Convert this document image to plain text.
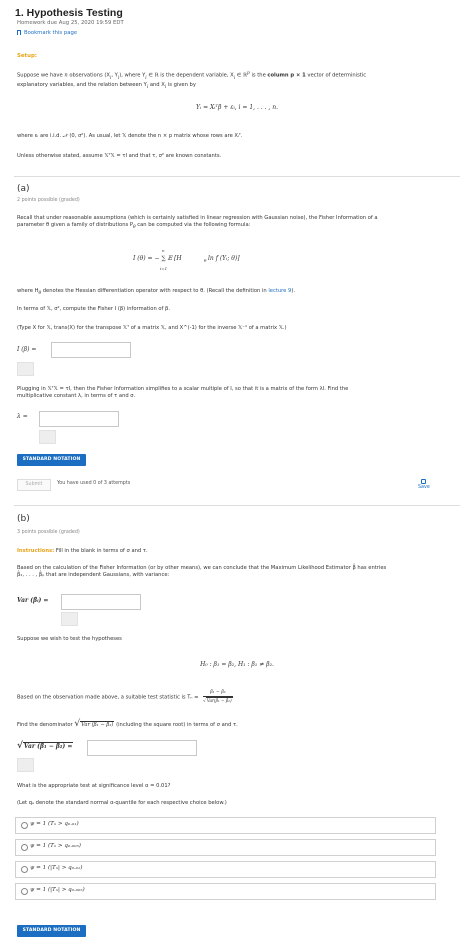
1. Hypothesis Testing
Homework due Aug 25, 2020 19:59 EDT
Bookmark this page
Setup:
Suppose we have n observations ($X_i$, $Y_i$), where $Y_i$ ∈ ℝ is the dependent variable, $X_i$ ∈ ℝ$^p$ is the column p × 1 vector of deterministic
explanatory variables, and the relation between $Y_i$ and $X_i$ is given by
Yᵢ = Xᵢᵀβ + εᵢ, i = 1, . . . , n.
where εᵢ are i.i.d. 𝒩 (0, σ²). As usual, let 𝕏 denote the n × p matrix whose rows are Xᵢᵀ.
Unless otherwise stated, assume 𝕏ᵀ𝕏 = τI and that τ, σ² are known constants.
(a)
2 points possible (graded)
Recall that under reasonable assumptions (which is certainly satisfied in linear regression with Gaussian noise), the Fisher Information of a
parameter θ given a family of distributions $P_\theta$ can be computed via the following formula:
I (θ) = − ∑ 𝔼 [H
n
i=1
θ ln f (Yᵢ; θ)]
where $H_\theta$ denotes the Hessian differentiation operator with respect to θ. (Recall the definition in lecture 9).
In terms of 𝕏, σ², compute the Fisher I (β) information of β.
(Type X for 𝕏, trans(X) for the transpose 𝕏ᵀ of a matrix 𝕏, and X^(-1) for the inverse 𝕏⁻¹ of a matrix 𝕏.)
I (β) =
Plugging in 𝕏ᵀ𝕏 = τI, then the Fisher Information simplifies to a scalar multiple of I, so that it is a matrix of the form λI. Find the
multiplicative constant λ, in terms of τ and σ.
λ =
STANDARD NOTATION
Submit	You have used 0 of 3 attempts
Save
(b)
3 points possible (graded)
Instructions: Fill in the blank in terms of σ and τ.
Based on the calculation of the Fisher Information (or by other means), we can conclude that the Maximum Likelihood Estimator β̂ has entries
β̂₁, . . . , β̂ₚ that are independent Gaussians, with variance:
Var (β̂ᵢ) =
Suppose we wish to test the hypotheses
H₀ : β₁ = β₂, H₁ : β₁ ≠ β₂.
Based on the observation made above, a suitable test statistic is Tₙ =
β̂₁ − β̂₂
√Var(β̂₁ − β̂₂)
Find the denominator √Var (β̂₁ − β̂₂) (including the square root) in terms of σ and τ.
√Var (β̂₁ − β̂₂) =
What is the appropriate test at significance level α = 0.01?
(Let qₐ denote the standard normal α-quantile for each respective choice below.)
ψ = 1 (Tₙ > q₀.₀₁)
ψ = 1 (Tₙ > q₀.₀₀₅)
ψ = 1 (|Tₙ| > q₀.₀₁)
ψ = 1 (|Tₙ| > q₀.₀₀₅)
STANDARD NOTATION
